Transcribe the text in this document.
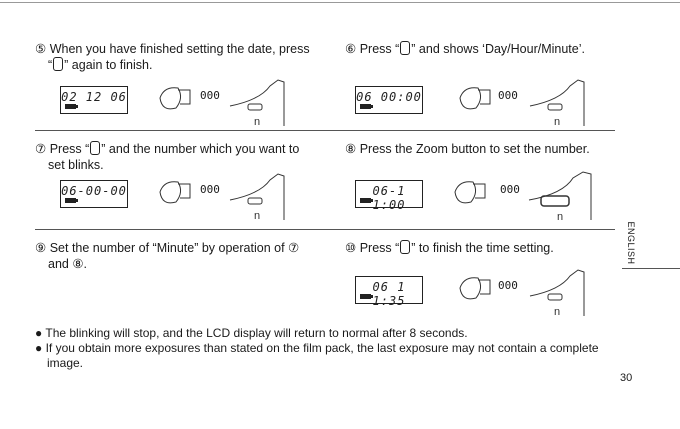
⑤ When you have finished setting the date, press
“ ” again to finish.
02 12 06
n
000
⑥ Press “ ” and shows ‘Day/Hour/Minute’.
06 00:00
n
000
⑦ Press “ ” and the number which you want to
set blinks.
06-00-00
n
000
⑧ Press the Zoom button to set the number.
06-1 1:00
n
000
⑨ Set the number of “Minute” by operation of ⑦
and ⑧.
⑩ Press “ ” to finish the time setting.
06 1 1:35
n
000
ENGLISH
● The blinking will stop, and the LCD display will return to normal after 8 seconds.
● If you obtain more exposures than stated on the film pack, the last exposure may not contain a complete
image.
30
